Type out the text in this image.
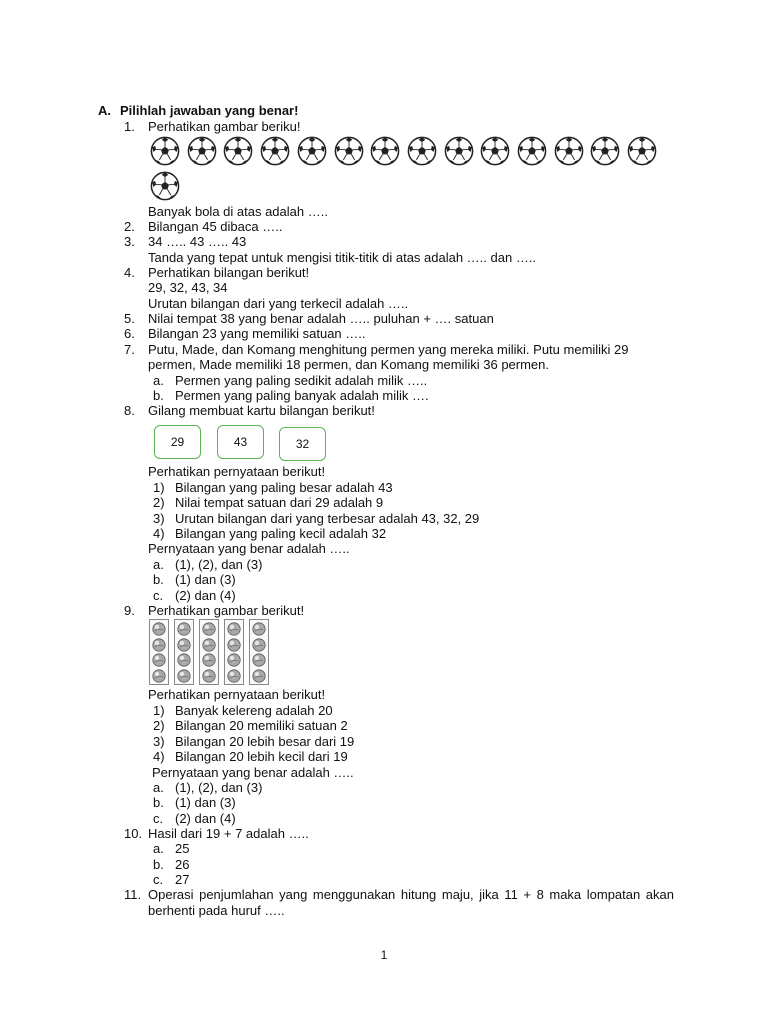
A. Pilihlah jawaban yang benar!
1. Perhatikan gambar beriku!
Banyak bola di atas adalah …..
2. Bilangan 45 dibaca …..
3. 34 ….. 43 ….. 43
Tanda yang tepat untuk mengisi titik-titik di atas adalah ….. dan …..
4. Perhatikan bilangan berikut!
29, 32, 43, 34
Urutan bilangan dari yang terkecil adalah …..
5. Nilai tempat 38 yang benar adalah ….. puluhan + …. satuan
6. Bilangan 23 yang memiliki satuan …..
7. Putu, Made, dan Komang menghitung permen yang mereka miliki. Putu memiliki 29
permen, Made memiliki 18 permen, dan Komang memiliki 36 permen.
a. Permen yang paling sedikit adalah milik …..
b. Permen yang paling banyak adalah milik ….
8. Gilang membuat kartu bilangan berikut!
29	43	32
Perhatikan pernyataan berikut!
1) Bilangan yang paling besar adalah 43
2) Nilai tempat satuan dari 29 adalah 9
3) Urutan bilangan dari yang terbesar adalah 43, 32, 29
4) Bilangan yang paling kecil adalah 32
Pernyataan yang benar adalah …..
a. (1), (2), dan (3)
b. (1) dan (3)
c. (2) dan (4)
9. Perhatikan gambar berikut!
Perhatikan pernyataan berikut!
1) Banyak kelereng adalah 20
2) Bilangan 20 memiliki satuan 2
3) Bilangan 20 lebih besar dari 19
4) Bilangan 20 lebih kecil dari 19
Pernyataan yang benar adalah …..
a. (1), (2), dan (3)
b. (1) dan (3)
c. (2) dan (4)
10. Hasil dari 19 + 7 adalah …..
a. 25
b. 26
c. 27
11. Operasi penjumlahan yang menggunakan hitung maju, jika 11 + 8 maka lompatan akan berhenti pada huruf …..
1
